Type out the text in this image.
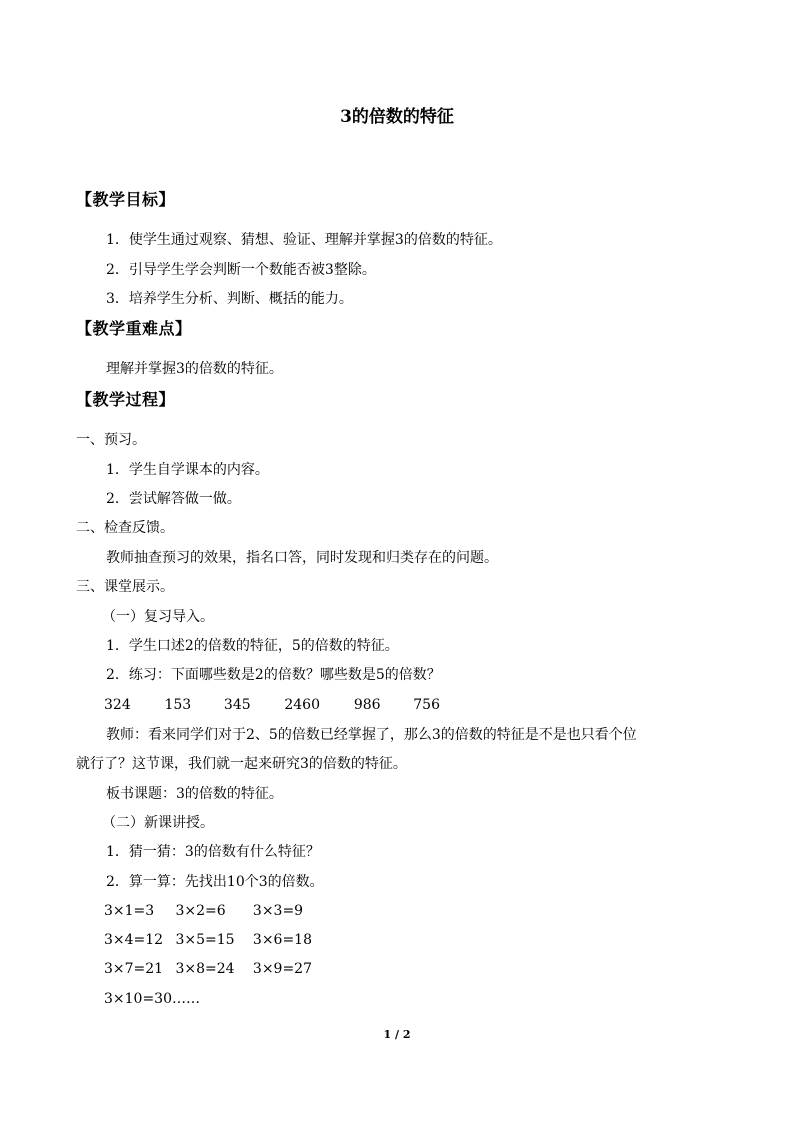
3的倍数的特征
【教学目标】
1．使学生通过观察、猜想、验证、理解并掌握3的倍数的特征。
2．引导学生学会判断一个数能否被3整除。
3．培养学生分析、判断、概括的能力。
【教学重难点】
理解并掌握3的倍数的特征。
【教学过程】
一、预习。
1．学生自学课本的内容。
2．尝试解答做一做。
二、检查反馈。
教师抽查预习的效果，指名口答，同时发现和归类存在的问题。
三、课堂展示。
（一）复习导入。
1．学生口述2的倍数的特征，5的倍数的特征。
2．练习：下面哪些数是2的倍数？哪些数是5的倍数？
324 153 345 2460 986 756
教师：看来同学们对于2、5的倍数已经掌握了，那么3的倍数的特征是不是也只看个位
就行了？这节课，我们就一起来研究3的倍数的特征。
板书课题：3的倍数的特征。
（二）新课讲授。
1．猜一猜：3的倍数有什么特征？
2．算一算：先找出10个3的倍数。
3×1=3 3×2=6 3×3=9
3×4=12 3×5=15 3×6=18
3×7=21 3×8=24 3×9=27
3×10=30……
1 / 2
